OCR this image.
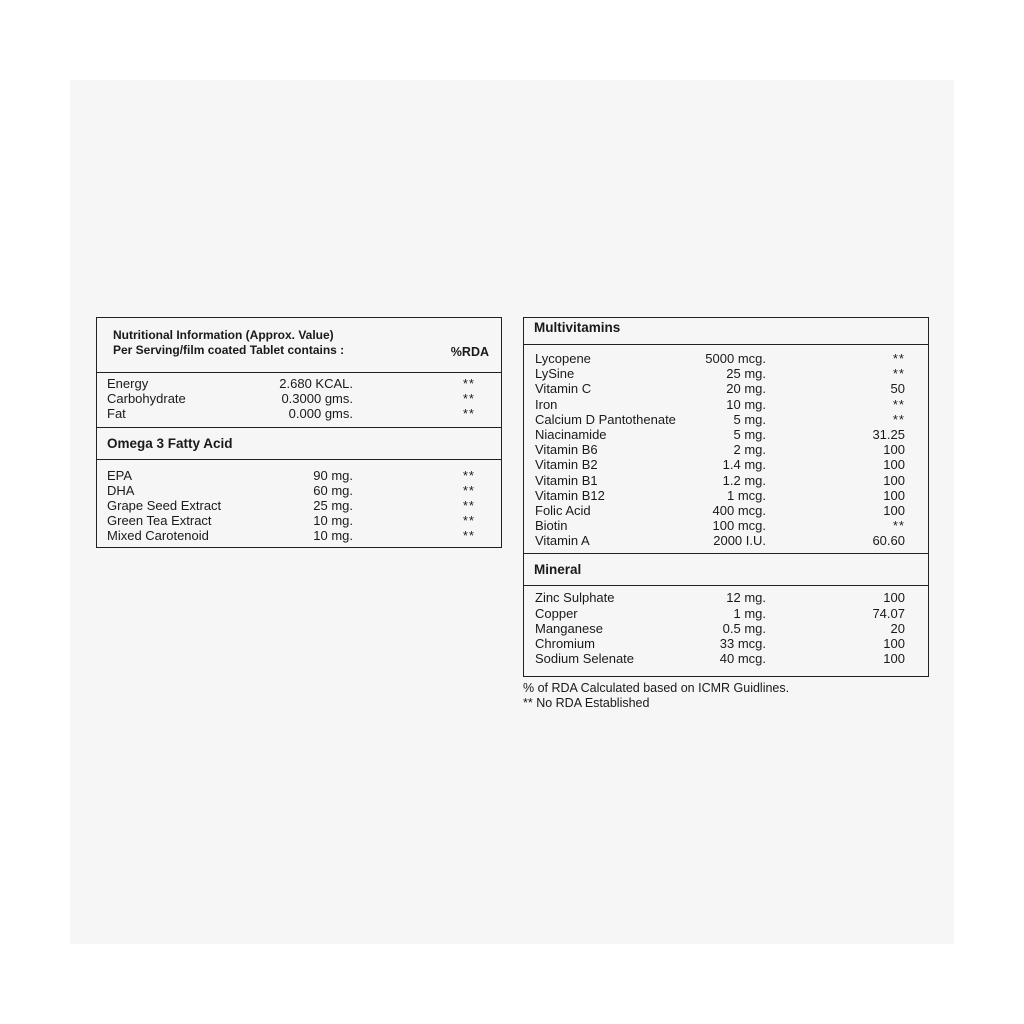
Nutritional Information (Approx. Value)
Per Serving/film coated Tablet contains :	%RDA
Energy	2.680 KCAL.	**
Carbohydrate	0.3000 gms.	**
Fat	0.000 gms.	**
Omega 3 Fatty Acid
EPA	90 mg.	**
DHA	60 mg.	**
Grape Seed Extract	25 mg.	**
Green Tea Extract	10 mg.	**
Mixed Carotenoid	10 mg.	**
Multivitamins
Lycopene	5000 mcg.	**
LySine	25 mg.	**
Vitamin C	20 mg.	50
Iron	10 mg.	**
Calcium D Pantothenate	5 mg.	**
Niacinamide	5 mg.	31.25
Vitamin B6	2 mg.	100
Vitamin B2	1.4 mg.	100
Vitamin B1	1.2 mg.	100
Vitamin B12	1 mcg.	100
Folic Acid	400 mcg.	100
Biotin	100 mcg.	**
Vitamin A	2000 I.U.	60.60
Mineral
Zinc Sulphate	12 mg.	100
Copper	1 mg.	74.07
Manganese	0.5 mg.	20
Chromium	33 mcg.	100
Sodium Selenate	40 mcg.	100
% of RDA Calculated based on ICMR Guidlines.
** No RDA Established
